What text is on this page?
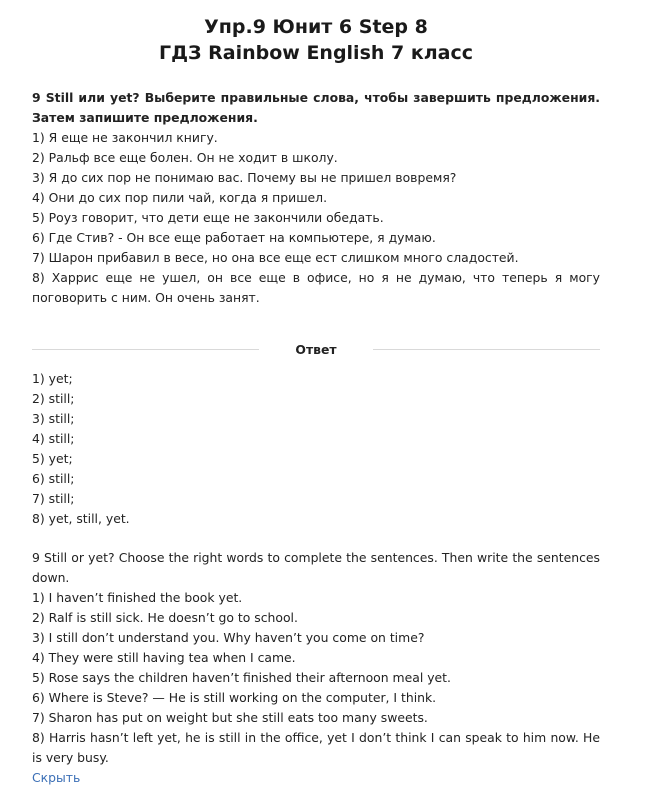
Упр.9 Юнит 6 Step 8
ГДЗ Rainbow English 7 класс

9 Still или yet? Выберите правильные слова, чтобы завершить предложения. Затем запишите предложения.

1) Я еще не закончил книгу.

2) Ральф все еще болен. Он не ходит в школу.

3) Я до сих пор не понимаю вас. Почему вы не пришел вовремя?

4) Они до сих пор пили чай, когда я пришел.

5) Роуз говорит, что дети еще не закончили обедать.

6) Где Стив? - Он все еще работает на компьютере, я думаю.

7) Шарон прибавил в весе, но она все еще ест слишком много сладостей.

8) Харрис еще не ушел, он все еще в офисе, но я не думаю, что теперь я могу поговорить с ним. Он очень занят.

Ответ

1) yet;

2) still;

3) still;

4) still;

5) yet;

6) still;

7) still;

8) yet, still, yet.

9 Still or yet? Choose the right words to complete the sentences. Then write the sentences down.

1) I haven’t finished the book yet.

2) Ralf is still sick. He doesn’t go to school.

3) I still don’t understand you. Why haven’t you come on time?

4) They were still having tea when I came.

5) Rose says the children haven’t finished their afternoon meal yet.

6) Where is Steve? — He is still working on the computer, I think.

7) Sharon has put on weight but she still eats too many sweets.

8) Harris hasn’t left yet, he is still in the office, yet I don’t think I can speak to him now. He is very busy.

Скрыть
